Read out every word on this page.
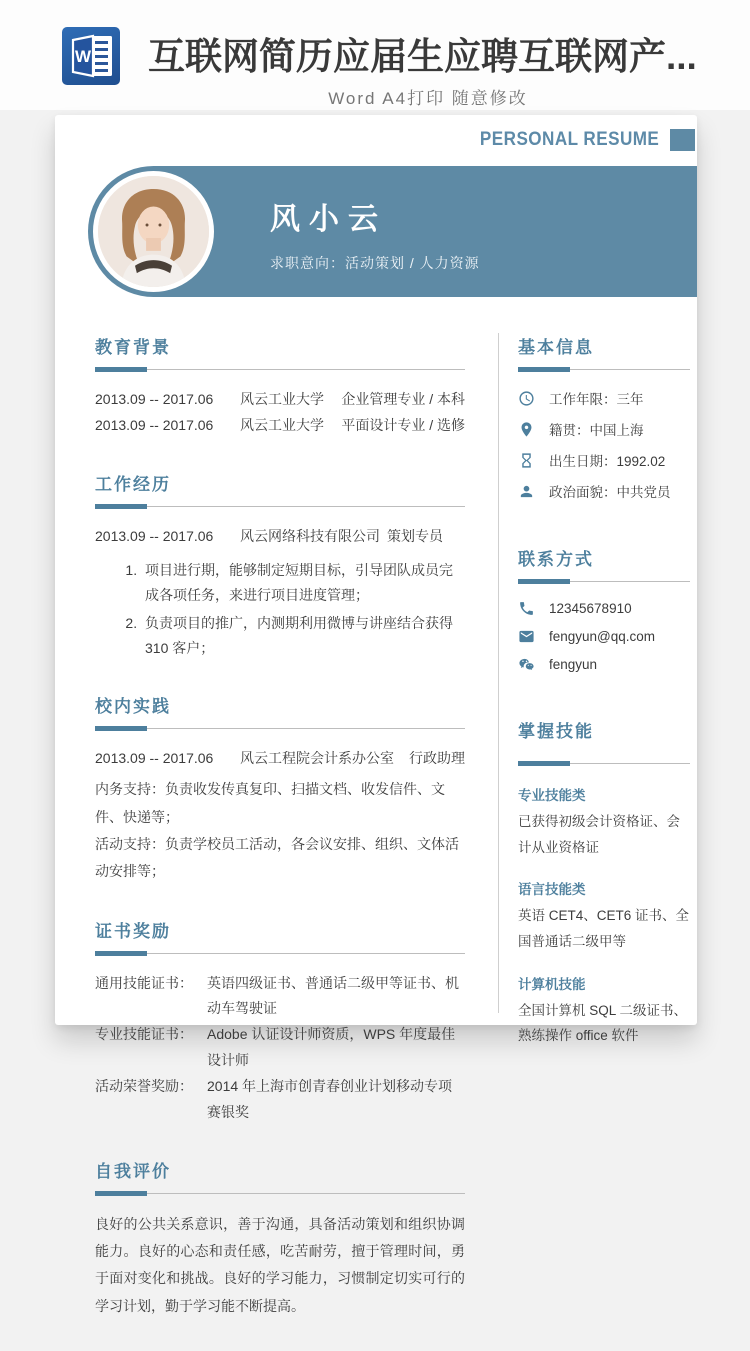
W 互联网简历应届生应聘互联网产...
Word A4打印 随意修改
PERSONAL RESUME
风小云
求职意向：活动策划 / 人力资源
教育背景
2013.09 -- 2017.06	风云工业大学	企业管理专业 / 本科
2013.09 -- 2017.06	风云工业大学	平面设计专业 / 选修
工作经历
2013.09 -- 2017.06	风云网络科技有限公司 策划专员
1. 项目进行期，能够制定短期目标，引导团队成员完成各项任务，来进行项目进度管理；
2. 负责项目的推广，内测期利用微博与讲座结合获得 310 客户；
校内实践
2013.09 -- 2017.06	风云工程院会计系办公室	行政助理
内务支持：负责收发传真复印、扫描文档、收发信件、文件、快递等；
活动支持：负责学校员工活动，各会议安排、组织、文体活动安排等；
证书奖励
通用技能证书：	英语四级证书、普通话二级甲等证书、机动车驾驶证
专业技能证书：	Adobe 认证设计师资质，WPS 年度最佳设计师
活动荣誉奖励：	2014 年上海市创青春创业计划移动专项赛银奖
自我评价

良好的公共关系意识，善于沟通，具备活动策划和组织协调能力。良好的心态和责任感，吃苦耐劳，擅于管理时间，勇于面对变化和挑战。良好的学习能力，习惯制定切实可行的学习计划，勤于学习能不断提高。

基本信息
工作年限：三年
籍贯：中国上海
出生日期：1992.02
政治面貌：中共党员
联系方式
12345678910
fengyun@qq.com
fengyun
掌握技能
专业技能类
已获得初级会计资格证、会计从业资格证
语言技能类
英语 CET4、CET6 证书、全国普通话二级甲等
计算机技能
全国计算机 SQL 二级证书、熟练操作 office 软件
